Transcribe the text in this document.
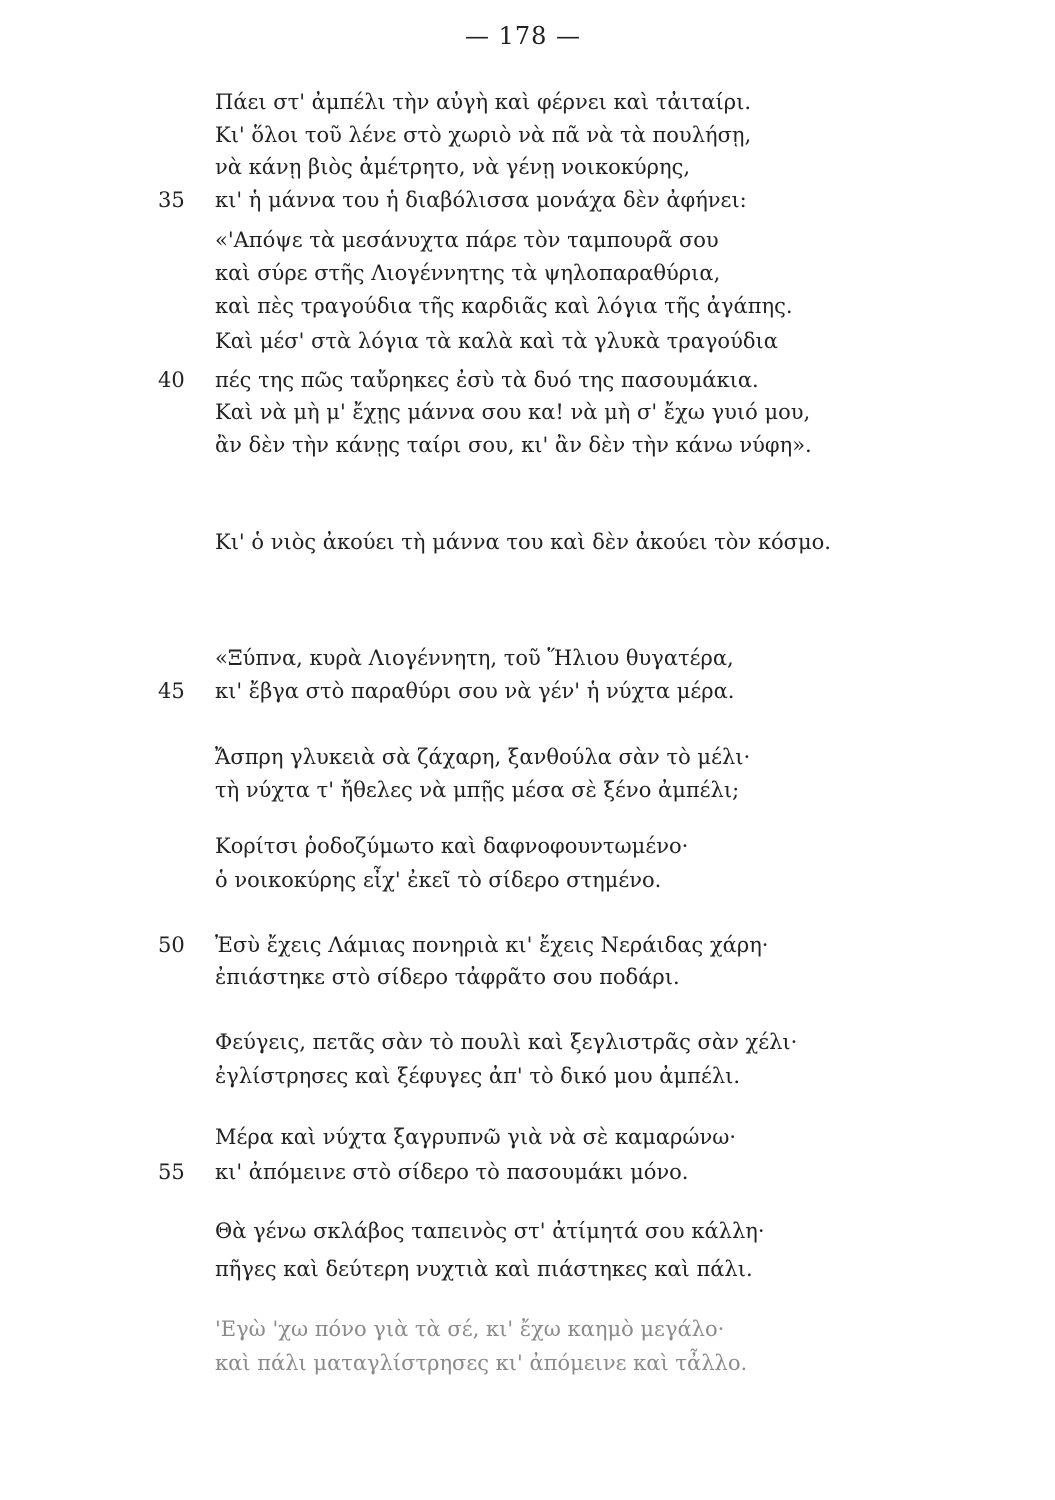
— 178 —
35
40
45
50
55
Πάει στ' ἀμπέλι τὴν αὐγὴ καὶ φέρνει καὶ τἀιταίρι.
Κι' ὅλοι τοῦ λένε στὸ χωριὸ νὰ πᾶ νὰ τὰ πουλήσῃ,
νὰ κάνῃ βιὸς ἀμέτρητο, νὰ γένῃ νοικοκύρης,
κι' ἡ μάννα του ἡ διαβόλισσα μονάχα δὲν ἀφήνει:
«'Απόψε τὰ μεσάνυχτα πάρε τὸν ταμπουρᾶ σου
καὶ σύρε στῆς Λιογέννητης τὰ ψηλοπαραθύρια,
καὶ πὲς τραγούδια τῆς καρδιᾶς καὶ λόγια τῆς ἀγάπης.
Καὶ μέσ' στὰ λόγια τὰ καλὰ καὶ τὰ γλυκὰ τραγούδια
πές της πῶς ταὔρηκες ἐσὺ τὰ δυό της πασουμάκια.
Καὶ νὰ μὴ μ' ἔχῃς μάννα σου κα! νὰ μὴ σ' ἔχω γυιό μου,
ἂν δὲν τὴν κάνῃς ταίρι σου, κι' ἂν δὲν τὴν κάνω νύφη».
Κι' ὁ νιὸς ἀκούει τὴ μάννα του καὶ δὲν ἀκούει τὸν κόσμο.
«Ξύπνα, κυρὰ Λιογέννητη, τοῦ Ἥλιου θυγατέρα,
κι' ἔβγα στὸ παραθύρι σου νὰ γέν' ἡ νύχτα μέρα.
Ἄσπρη γλυκειὰ σὰ ζάχαρη, ξανθούλα σὰν τὸ μέλι·
τὴ νύχτα τ' ἤθελες νὰ μπῇς μέσα σὲ ξένο ἀμπέλι;
Κορίτσι ῥοδοζύμωτο καὶ δαφνοφουντωμένο·
ὁ νοικοκύρης εἶχ' ἐκεῖ τὸ σίδερο στημένο.
Ἐσὺ ἔχεις Λάμιας πονηριὰ κι' ἔχεις Νεράιδας χάρη·
ἐπιάστηκε στὸ σίδερο τἀφρᾶτο σου ποδάρι.
Φεύγεις, πετᾶς σὰν τὸ πουλὶ καὶ ξεγλιστρᾶς σὰν χέλι·
ἐγλίστρησες καὶ ξέφυγες ἀπ' τὸ δικό μου ἀμπέλι.
Μέρα καὶ νύχτα ξαγρυπνῶ γιὰ νὰ σὲ καμαρώνω·
κι' ἀπόμεινε στὸ σίδερο τὸ πασουμάκι μόνο.
Θὰ γένω σκλάβος ταπεινὸς στ' ἀτίμητά σου κάλλη·
πῆγες καὶ δεύτερη νυχτιὰ καὶ πιάστηκες καὶ πάλι.
'Εγὼ 'χω πόνο γιὰ τὰ σέ, κι' ἔχω καημὸ μεγάλο·
καὶ πάλι ματαγλίστρησες κι' ἀπόμεινε καὶ τἆλλο.
